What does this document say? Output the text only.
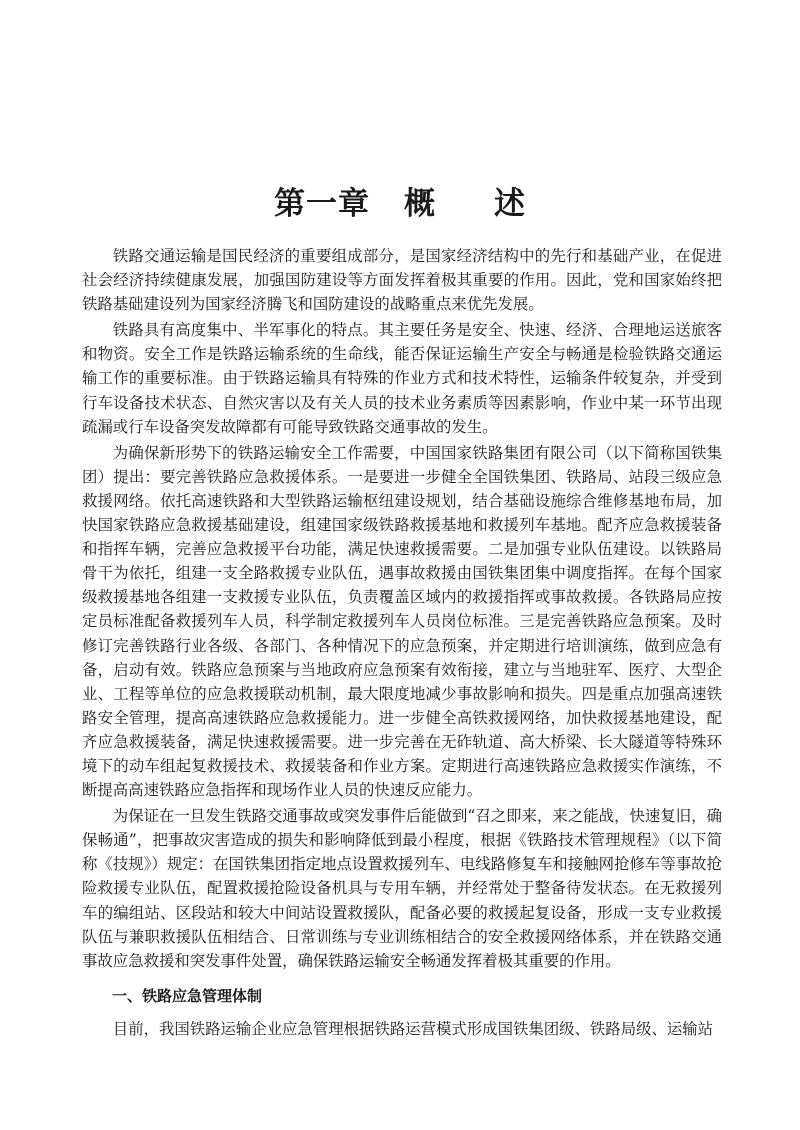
第一章 概 述

铁路交通运输是国民经济的重要组成部分，是国家经济结构中的先行和基础产业，在促进社会经济持续健康发展，加强国防建设等方面发挥着极其重要的作用。因此，党和国家始终把铁路基础建设列为国家经济腾飞和国防建设的战略重点来优先发展。

铁路具有高度集中、半军事化的特点。其主要任务是安全、快速、经济、合理地运送旅客和物资。安全工作是铁路运输系统的生命线，能否保证运输生产安全与畅通是检验铁路交通运输工作的重要标准。由于铁路运输具有特殊的作业方式和技术特性，运输条件较复杂，并受到行车设备技术状态、自然灾害以及有关人员的技术业务素质等因素影响，作业中某一环节出现疏漏或行车设备突发故障都有可能导致铁路交通事故的发生。

为确保新形势下的铁路运输安全工作需要，中国国家铁路集团有限公司（以下简称国铁集团）提出：要完善铁路应急救援体系。一是要进一步健全全国铁集团、铁路局、站段三级应急救援网络。依托高速铁路和大型铁路运输枢纽建设规划，结合基础设施综合维修基地布局，加快国家铁路应急救援基础建设，组建国家级铁路救援基地和救援列车基地。配齐应急救援装备和指挥车辆，完善应急救援平台功能，满足快速救援需要。二是加强专业队伍建设。以铁路局骨干为依托，组建一支全路救援专业队伍，遇事故救援由国铁集团集中调度指挥。在每个国家级救援基地各组建一支救援专业队伍，负责覆盖区域内的救援指挥或事故救援。各铁路局应按定员标准配备救援列车人员，科学制定救援列车人员岗位标准。三是完善铁路应急预案。及时修订完善铁路行业各级、各部门、各种情况下的应急预案，并定期进行培训演练，做到应急有备，启动有效。铁路应急预案与当地政府应急预案有效衔接，建立与当地驻军、医疗、大型企业、工程等单位的应急救援联动机制，最大限度地减少事故影响和损失。四是重点加强高速铁路安全管理，提高高速铁路应急救援能力。进一步健全高铁救援网络，加快救援基地建设，配齐应急救援装备，满足快速救援需要。进一步完善在无砟轨道、高大桥梁、长大隧道等特殊环境下的动车组起复救援技术、救援装备和作业方案。定期进行高速铁路应急救援实作演练，不断提高高速铁路应急指挥和现场作业人员的快速反应能力。

为保证在一旦发生铁路交通事故或突发事件后能做到“召之即来，来之能战，快速复旧，确保畅通”，把事故灾害造成的损失和影响降低到最小程度，根据《铁路技术管理规程》（以下简称《技规》）规定：在国铁集团指定地点设置救援列车、电线路修复车和接触网抢修车等事故抢险救援专业队伍，配置救援抢险设备机具与专用车辆，并经常处于整备待发状态。在无救援列车的编组站、区段站和较大中间站设置救援队，配备必要的救援起复设备，形成一支专业救援队伍与兼职救援队伍相结合、日常训练与专业训练相结合的安全救援网络体系，并在铁路交通事故应急救援和突发事件处置，确保铁路运输安全畅通发挥着极其重要的作用。

一、铁路应急管理体制

目前，我国铁路运输企业应急管理根据铁路运营模式形成国铁集团级、铁路局级、运输站
